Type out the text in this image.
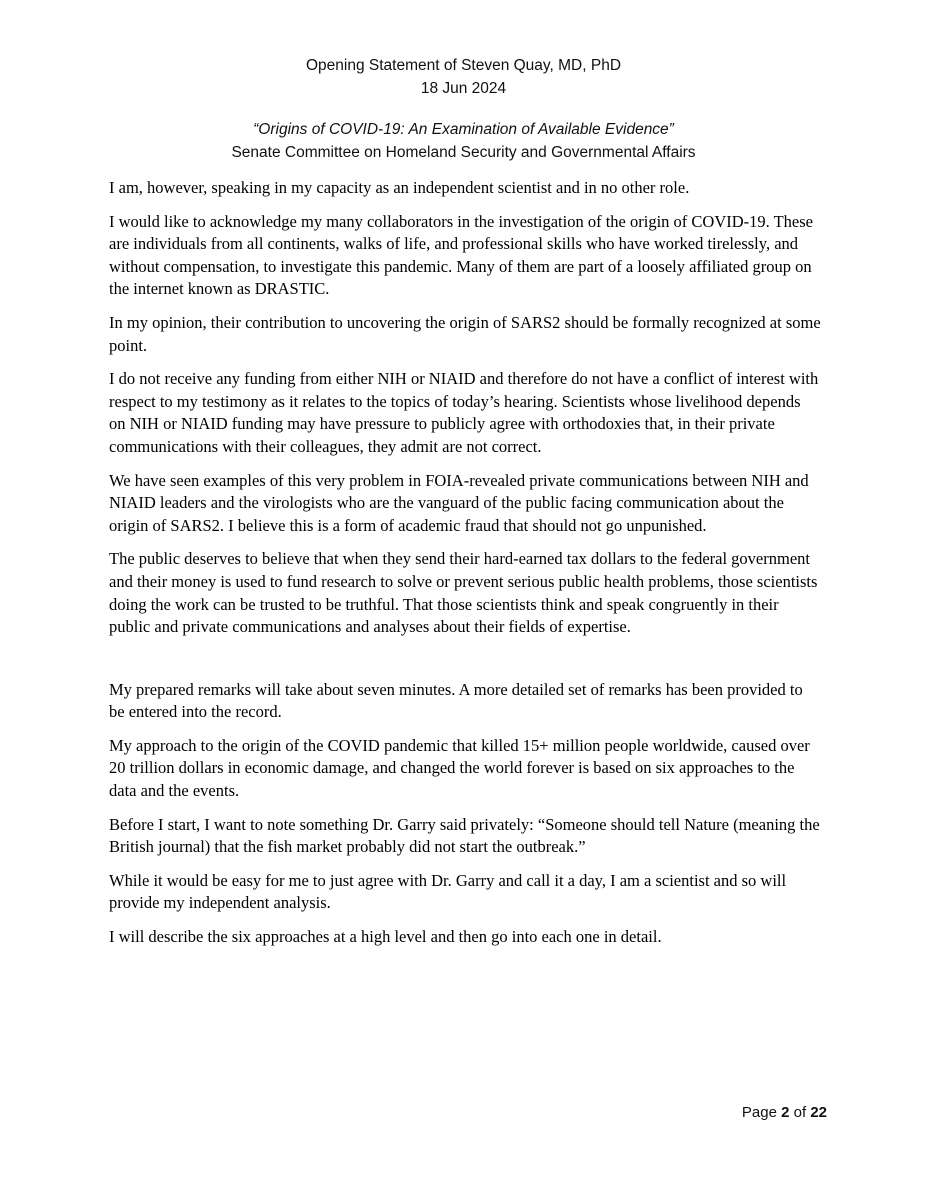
Opening Statement of Steven Quay, MD, PhD
18 Jun 2024
“Origins of COVID-19: An Examination of Available Evidence”
Senate Committee on Homeland Security and Governmental Affairs

I am, however, speaking in my capacity as an independent scientist and in no other role.

I would like to acknowledge my many collaborators in the investigation of the origin of COVID-19. These are individuals from all continents, walks of life, and professional skills who have worked tirelessly, and without compensation, to investigate this pandemic. Many of them are part of a loosely affiliated group on the internet known as DRASTIC.

In my opinion, their contribution to uncovering the origin of SARS2 should be formally recognized at some point.

I do not receive any funding from either NIH or NIAID and therefore do not have a conflict of interest with respect to my testimony as it relates to the topics of today’s hearing. Scientists whose livelihood depends on NIH or NIAID funding may have pressure to publicly agree with orthodoxies that, in their private communications with their colleagues, they admit are not correct.

We have seen examples of this very problem in FOIA-revealed private communications between NIH and NIAID leaders and the virologists who are the vanguard of the public facing communication about the origin of SARS2. I believe this is a form of academic fraud that should not go unpunished.

The public deserves to believe that when they send their hard-earned tax dollars to the federal government and their money is used to fund research to solve or prevent serious public health problems, those scientists doing the work can be trusted to be truthful. That those scientists think and speak congruently in their public and private communications and analyses about their fields of expertise.

My prepared remarks will take about seven minutes. A more detailed set of remarks has been provided to be entered into the record.

My approach to the origin of the COVID pandemic that killed 15+ million people worldwide, caused over 20 trillion dollars in economic damage, and changed the world forever is based on six approaches to the data and the events.

Before I start, I want to note something Dr. Garry said privately: “Someone should tell Nature (meaning the British journal) that the fish market probably did not start the outbreak.”

While it would be easy for me to just agree with Dr. Garry and call it a day, I am a scientist and so will provide my independent analysis.

I will describe the six approaches at a high level and then go into each one in detail.

Page 2 of 22
